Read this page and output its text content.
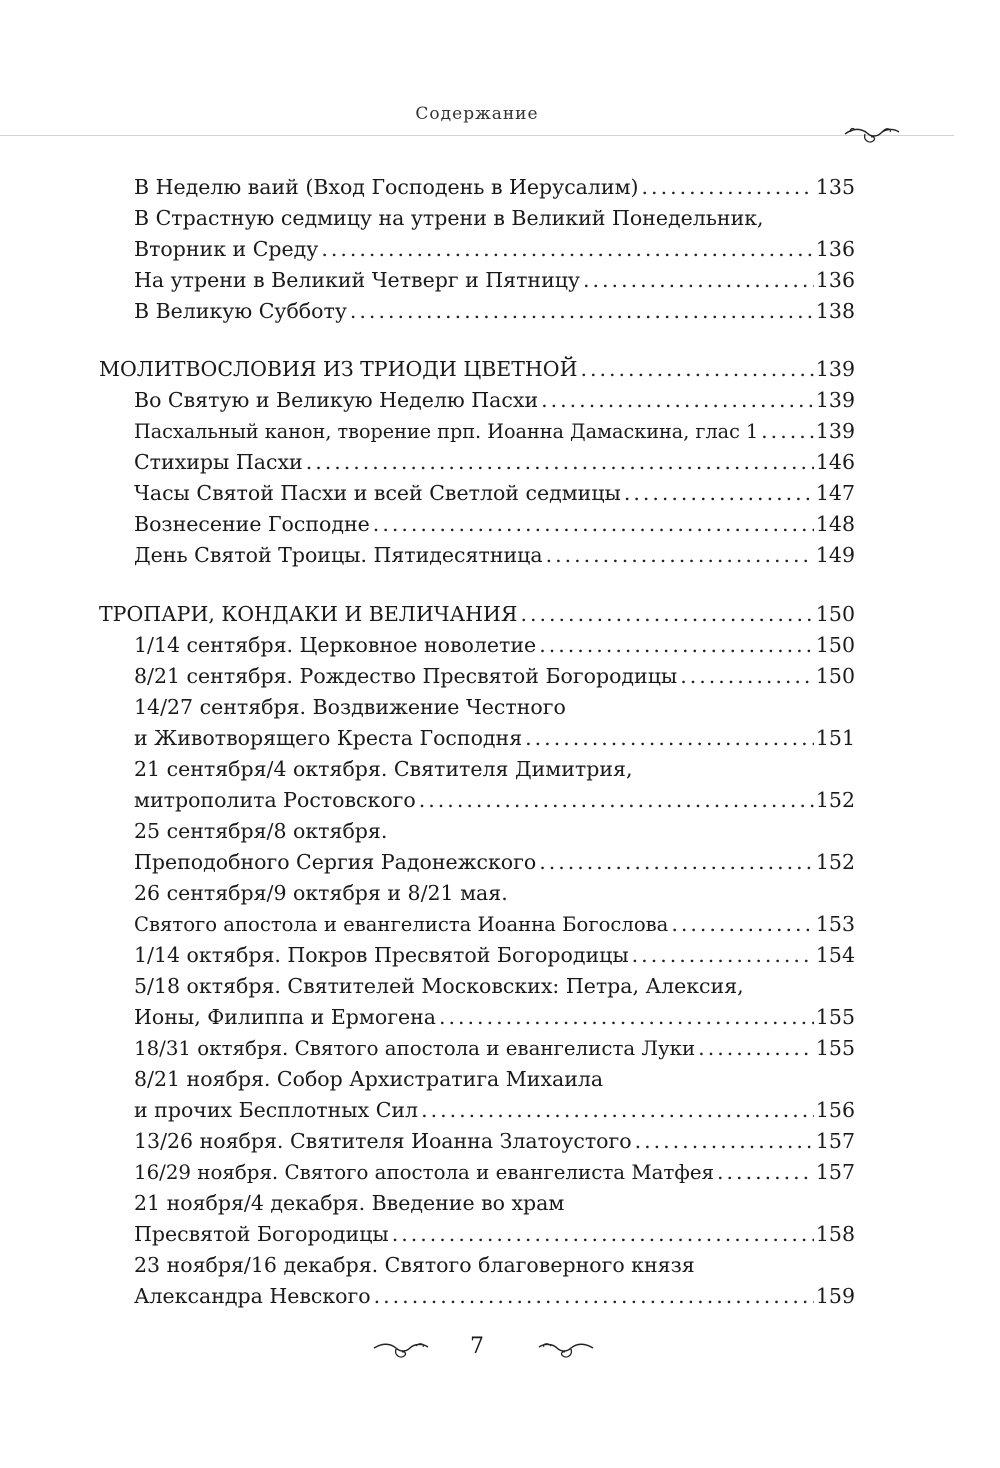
Содержание
В Неделю ваий (Вход Господень в Иерусалим) .....	135
В Страстную седмицу на утрени в Великий Понедельник,
Вторник и Среду .....	136
На утрени в Великий Четверг и Пятницу .....	136
В Великую Субботу .....	138
МОЛИТВОСЛОВИЯ ИЗ ТРИОДИ ЦВЕТНОЙ .....	139
Во Святую и Великую Неделю Пасхи .....	139
Пасхальный канон, творение прп. Иоанна Дамаскина, глас 1 .....	139
Стихиры Пасхи .....	146
Часы Святой Пасхи и всей Светлой седмицы .....	147
Вознесение Господне .....	148
День Святой Троицы. Пятидесятница .....	149
ТРОПАРИ, КОНДАКИ И ВЕЛИЧАНИЯ .....	150
1/14 сентября. Церковное новолетие .....	150
8/21 сентября. Рождество Пресвятой Богородицы .....	150
14/27 сентября. Воздвижение Честного
и Животворящего Креста Господня .....	151
21 сентября/4 октября. Святителя Димитрия,
митрополита Ростовского .....	152
25 сентября/8 октября.
Преподобного Сергия Радонежского .....	152
26 сентября/9 октября и 8/21 мая.
Святого апостола и евангелиста Иоанна Богослова .....	153
1/14 октября. Покров Пресвятой Богородицы .....	154
5/18 октября. Святителей Московских: Петра, Алексия,
Ионы, Филиппа и Ермогена .....	155
18/31 октября. Святого апостола и евангелиста Луки .....	155
8/21 ноября. Собор Архистратига Михаила
и прочих Бесплотных Сил .....	156
13/26 ноября. Святителя Иоанна Златоустого .....	157
16/29 ноября. Святого апостола и евангелиста Матфея .....	157
21 ноября/4 декабря. Введение во храм
Пресвятой Богородицы .....	158
23 ноября/16 декабря. Святого благоверного князя
Александра Невского .....	159
7
